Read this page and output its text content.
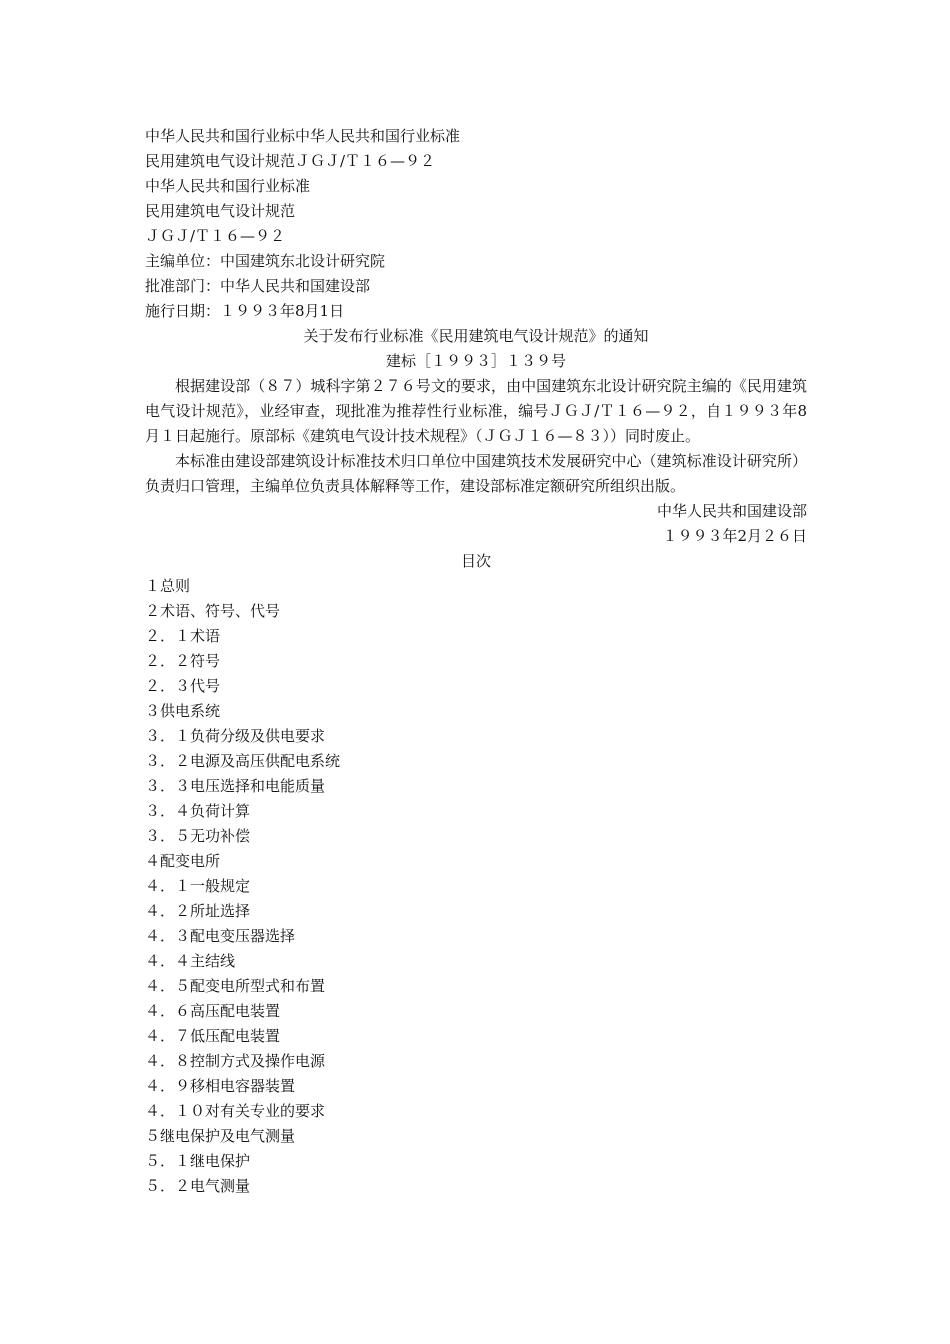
中华人民共和国行业标中华人民共和国行业标准
民用建筑电气设计规范ＪＧＪ/Ｔ１６—９２
中华人民共和国行业标准
民用建筑电气设计规范
ＪＧＪ/Ｔ１６—９２
主编单位：中国建筑东北设计研究院
批准部门：中华人民共和国建设部
施行日期：１９９３年8月1日
关于发布行业标准《民用建筑电气设计规范》的通知
建标［１９９３］１３９号

根据建设部（８７）城科字第２７６号文的要求，由中国建筑东北设计研究院主编的《民用建筑电气设计规范》，业经审查，现批准为推荐性行业标准，编号ＪＧＪ/Ｔ１６—９２，自１９９３年8月１日起施行。原部标《建筑电气设计技术规程》（ＪＧＪ１６—８３））同时废止。

本标准由建设部建筑设计标准技术归口单位中国建筑技术发展研究中心（建筑标准设计研究所）负责归口管理，主编单位负责具体解释等工作，建设部标准定额研究所组织出版。

中华人民共和国建设部
１９９３年2月２６日
目次
１总则
２术语、符号、代号
２．１术语
２．２符号
２．３代号
３供电系统
３．１负荷分级及供电要求
３．２电源及高压供配电系统
３．３电压选择和电能质量
３．４负荷计算
３．５无功补偿
４配变电所
４．１一般规定
４．２所址选择
４．３配电变压器选择
４．４主结线
４．５配变电所型式和布置
４．６高压配电装置
４．７低压配电装置
４．８控制方式及操作电源
４．９移相电容器装置
４．１０对有关专业的要求
５继电保护及电气测量
５．１继电保护
５．２电气测量
